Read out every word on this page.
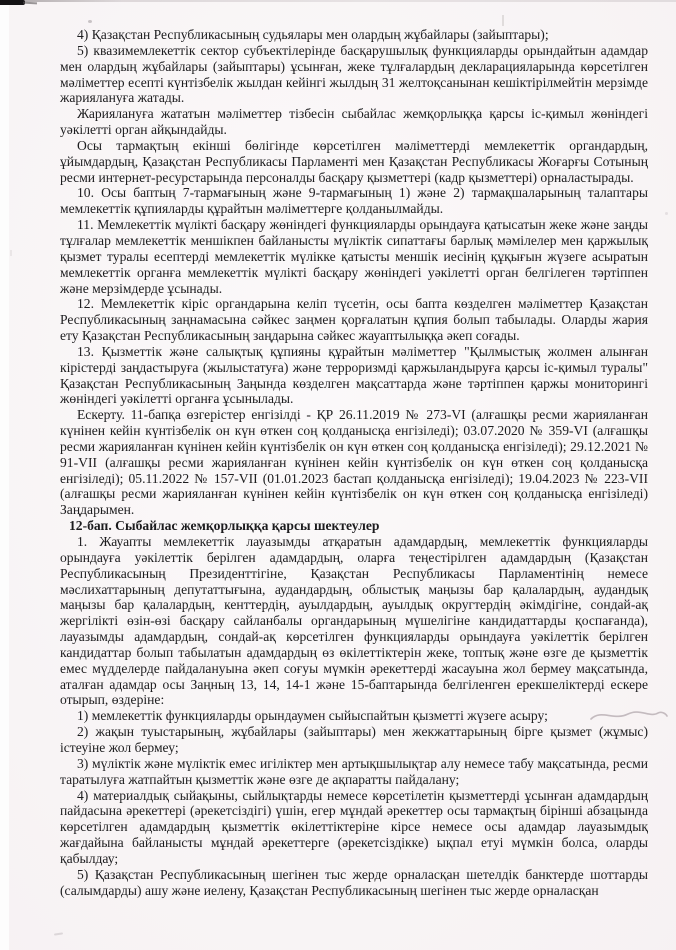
4) Қазақстан Республикасының судьялары мен олардың жұбайлары (зайыптары);

5) квазимемлекеттік сектор субъектілерінде басқарушылық функцияларды орындайтын адамдар мен олардың жұбайлары (зайыптары) ұсынған, жеке тұлғалардың декларацияларында көрсетілген мәліметтер есепті күнтізбелік жылдан кейінгі жылдың 31 желтоқсанынан кешіктірілмейтін мерзімде жариялануға жатады.

Жариялануға жататын мәліметтер тізбесін сыбайлас жемқорлыққа қарсы іс-қимыл жөніндегі уәкілетті орган айқындайды.

Осы тармақтың екінші бөлігінде көрсетілген мәліметтерді мемлекеттік органдардың, ұйымдардың, Қазақстан Республикасы Парламенті мен Қазақстан Республикасы Жоғарғы Сотының ресми интернет-ресурстарында персоналды басқару қызметтері (кадр қызметтері) орналастырады.

10. Осы баптың 7-тармағының және 9-тармағының 1) және 2) тармақшаларының талаптары мемлекеттік құпияларды құрайтын мәліметтерге қолданылмайды.

11. Мемлекеттік мүлікті басқару жөніндегі функцияларды орындауға қатысатын жеке және заңды тұлғалар мемлекеттік меншікпен байланысты мүліктік сипаттағы барлық мәмілелер мен қаржылық қызмет туралы есептерді мемлекеттік мүлікке қатысты меншік иесінің құқығын жүзеге асыратын мемлекеттік органға мемлекеттік мүлікті басқару жөніндегі уәкілетті орган белгілеген тәртіппен және мерзімдерде ұсынады.

12. Мемлекеттік кіріс органдарына келіп түсетін, осы бапта көзделген мәліметтер Қазақстан Республикасының заңнамасына сәйкес заңмен қорғалатын құпия болып табылады. Оларды жария ету Қазақстан Республикасының заңдарына сәйкес жауаптылыққа әкеп соғады.

13. Қызметтік және салықтық құпияны құрайтын мәліметтер "Қылмыстық жолмен алынған кірістерді заңдастыруға (жылыстатуға) және терроризмді қаржыландыруға қарсы іс-қимыл туралы" Қазақстан Республикасының Заңында көзделген мақсаттарда және тәртіппен қаржы мониторингі жөніндегі уәкілетті органға ұсынылады.

Ескерту. 11-бапқа өзгерістер енгізілді - ҚР 26.11.2019 № 273-VI (алғашқы ресми жарияланған күнінен кейін күнтізбелік он күн өткен соң қолданысқа енгізіледі); 03.07.2020 № 359-VI (алғашқы ресми жарияланған күнінен кейін күнтізбелік он күн өткен соң қолданысқа енгізіледі); 29.12.2021 № 91-VII (алғашқы ресми жарияланған күнінен кейін күнтізбелік он күн өткен соң қолданысқа енгізіледі); 05.11.2022 № 157-VII (01.01.2023 бастап қолданысқа енгізіледі); 19.04.2023 № 223-VII (алғашқы ресми жарияланған күнінен кейін күнтізбелік он күн өткен соң қолданысқа енгізіледі) Заңдарымен.

12-бап. Сыбайлас жемқорлыққа қарсы шектеулер

1. Жауапты мемлекеттік лауазымды атқаратын адамдардың, мемлекеттік функцияларды орындауға уәкілеттік берілген адамдардың, оларға теңестірілген адамдардың (Қазақстан Республикасының Президенттігіне, Қазақстан Республикасы Парламентінің немесе мәслихаттарының депутаттығына, аудандардың, облыстық маңызы бар қалалардың, аудандық маңызы бар қалалардың, кенттердің, ауылдардың, ауылдық округтердің әкімдігіне, сондай-ақ жергілікті өзін-өзі басқару сайланбалы органдарының мүшелігіне кандидаттарды қоспағанда), лауазымды адамдардың, сондай-ақ көрсетілген функцияларды орындауға уәкілеттік берілген кандидаттар болып табылатын адамдардың өз өкілеттіктерін жеке, топтық және өзге де қызметтік емес мүдделерде пайдалануына әкеп соғуы мүмкін әрекеттерді жасауына жол бермеу мақсатында, аталған адамдар осы Заңның 13, 14, 14-1 және 15-баптарында белгіленген ерекшеліктерді ескере отырып, өздеріне:

1) мемлекеттік функцияларды орындаумен сыйыспайтын қызметті жүзеге асыру;

2) жақын туыстарының, жұбайлары (зайыптары) мен жекжаттарының бірге қызмет (жұмыс) істеуіне жол бермеу;

3) мүліктік және мүліктік емес игіліктер мен артықшылықтар алу немесе табу мақсатында, ресми таратылуға жатпайтын қызметтік және өзге де ақпаратты пайдалану;

4) материалдық сыйақыны, сыйлықтарды немесе көрсетілетін қызметтерді ұсынған адамдардың пайдасына әрекеттері (әрекетсіздігі) үшін, егер мұндай әрекеттер осы тармақтың бірінші абзацында көрсетілген адамдардың қызметтік өкілеттіктеріне кірсе немесе осы адамдар лауазымдық жағдайына байланысты мұндай әрекеттерге (әрекетсіздікке) ықпал етуі мүмкін болса, оларды қабылдау;

5) Қазақстан Республикасының шегінен тыс жерде орналасқан шетелдік банктерде шоттарды (салымдарды) ашу және иелену, Қазақстан Республикасының шегінен тыс жерде орналасқан
